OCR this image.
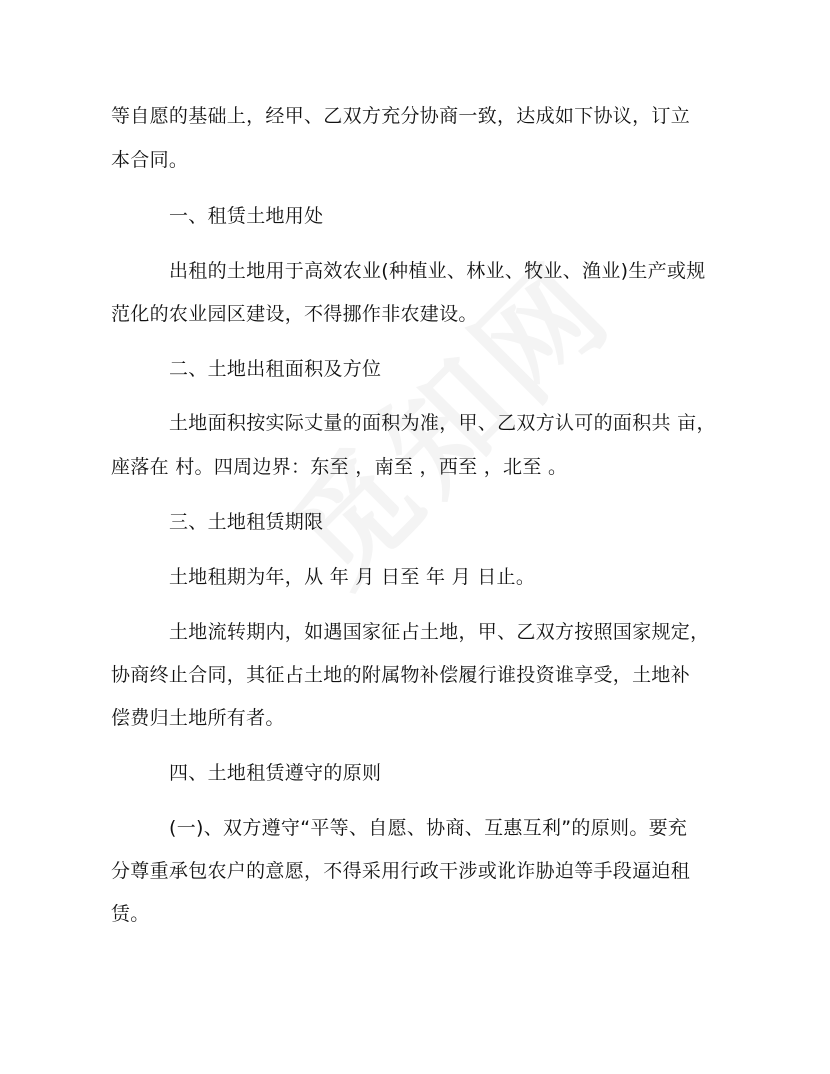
等自愿的基础上，经甲、乙双方充分协商一致，达成如下协议，订立
本合同。
一、租赁土地用处
出租的土地用于高效农业(种植业、林业、牧业、渔业)生产或规
范化的农业园区建设，不得挪作非农建设。
二、土地出租面积及方位
土地面积按实际丈量的面积为准，甲、乙双方认可的面积共 亩，
座落在 村。四周边界：东至 ，南至 ，西至 ，北至 。
三、土地租赁期限
土地租期为年，从 年 月 日至 年 月 日止。
土地流转期内，如遇国家征占土地，甲、乙双方按照国家规定，
协商终止合同，其征占土地的附属物补偿履行谁投资谁享受，土地补
偿费归土地所有者。
四、土地租赁遵守的原则
(一)、双方遵守“平等、自愿、协商、互惠互利”的原则。要充
分尊重承包农户的意愿，不得采用行政干涉或讹诈胁迫等手段逼迫租
赁。
